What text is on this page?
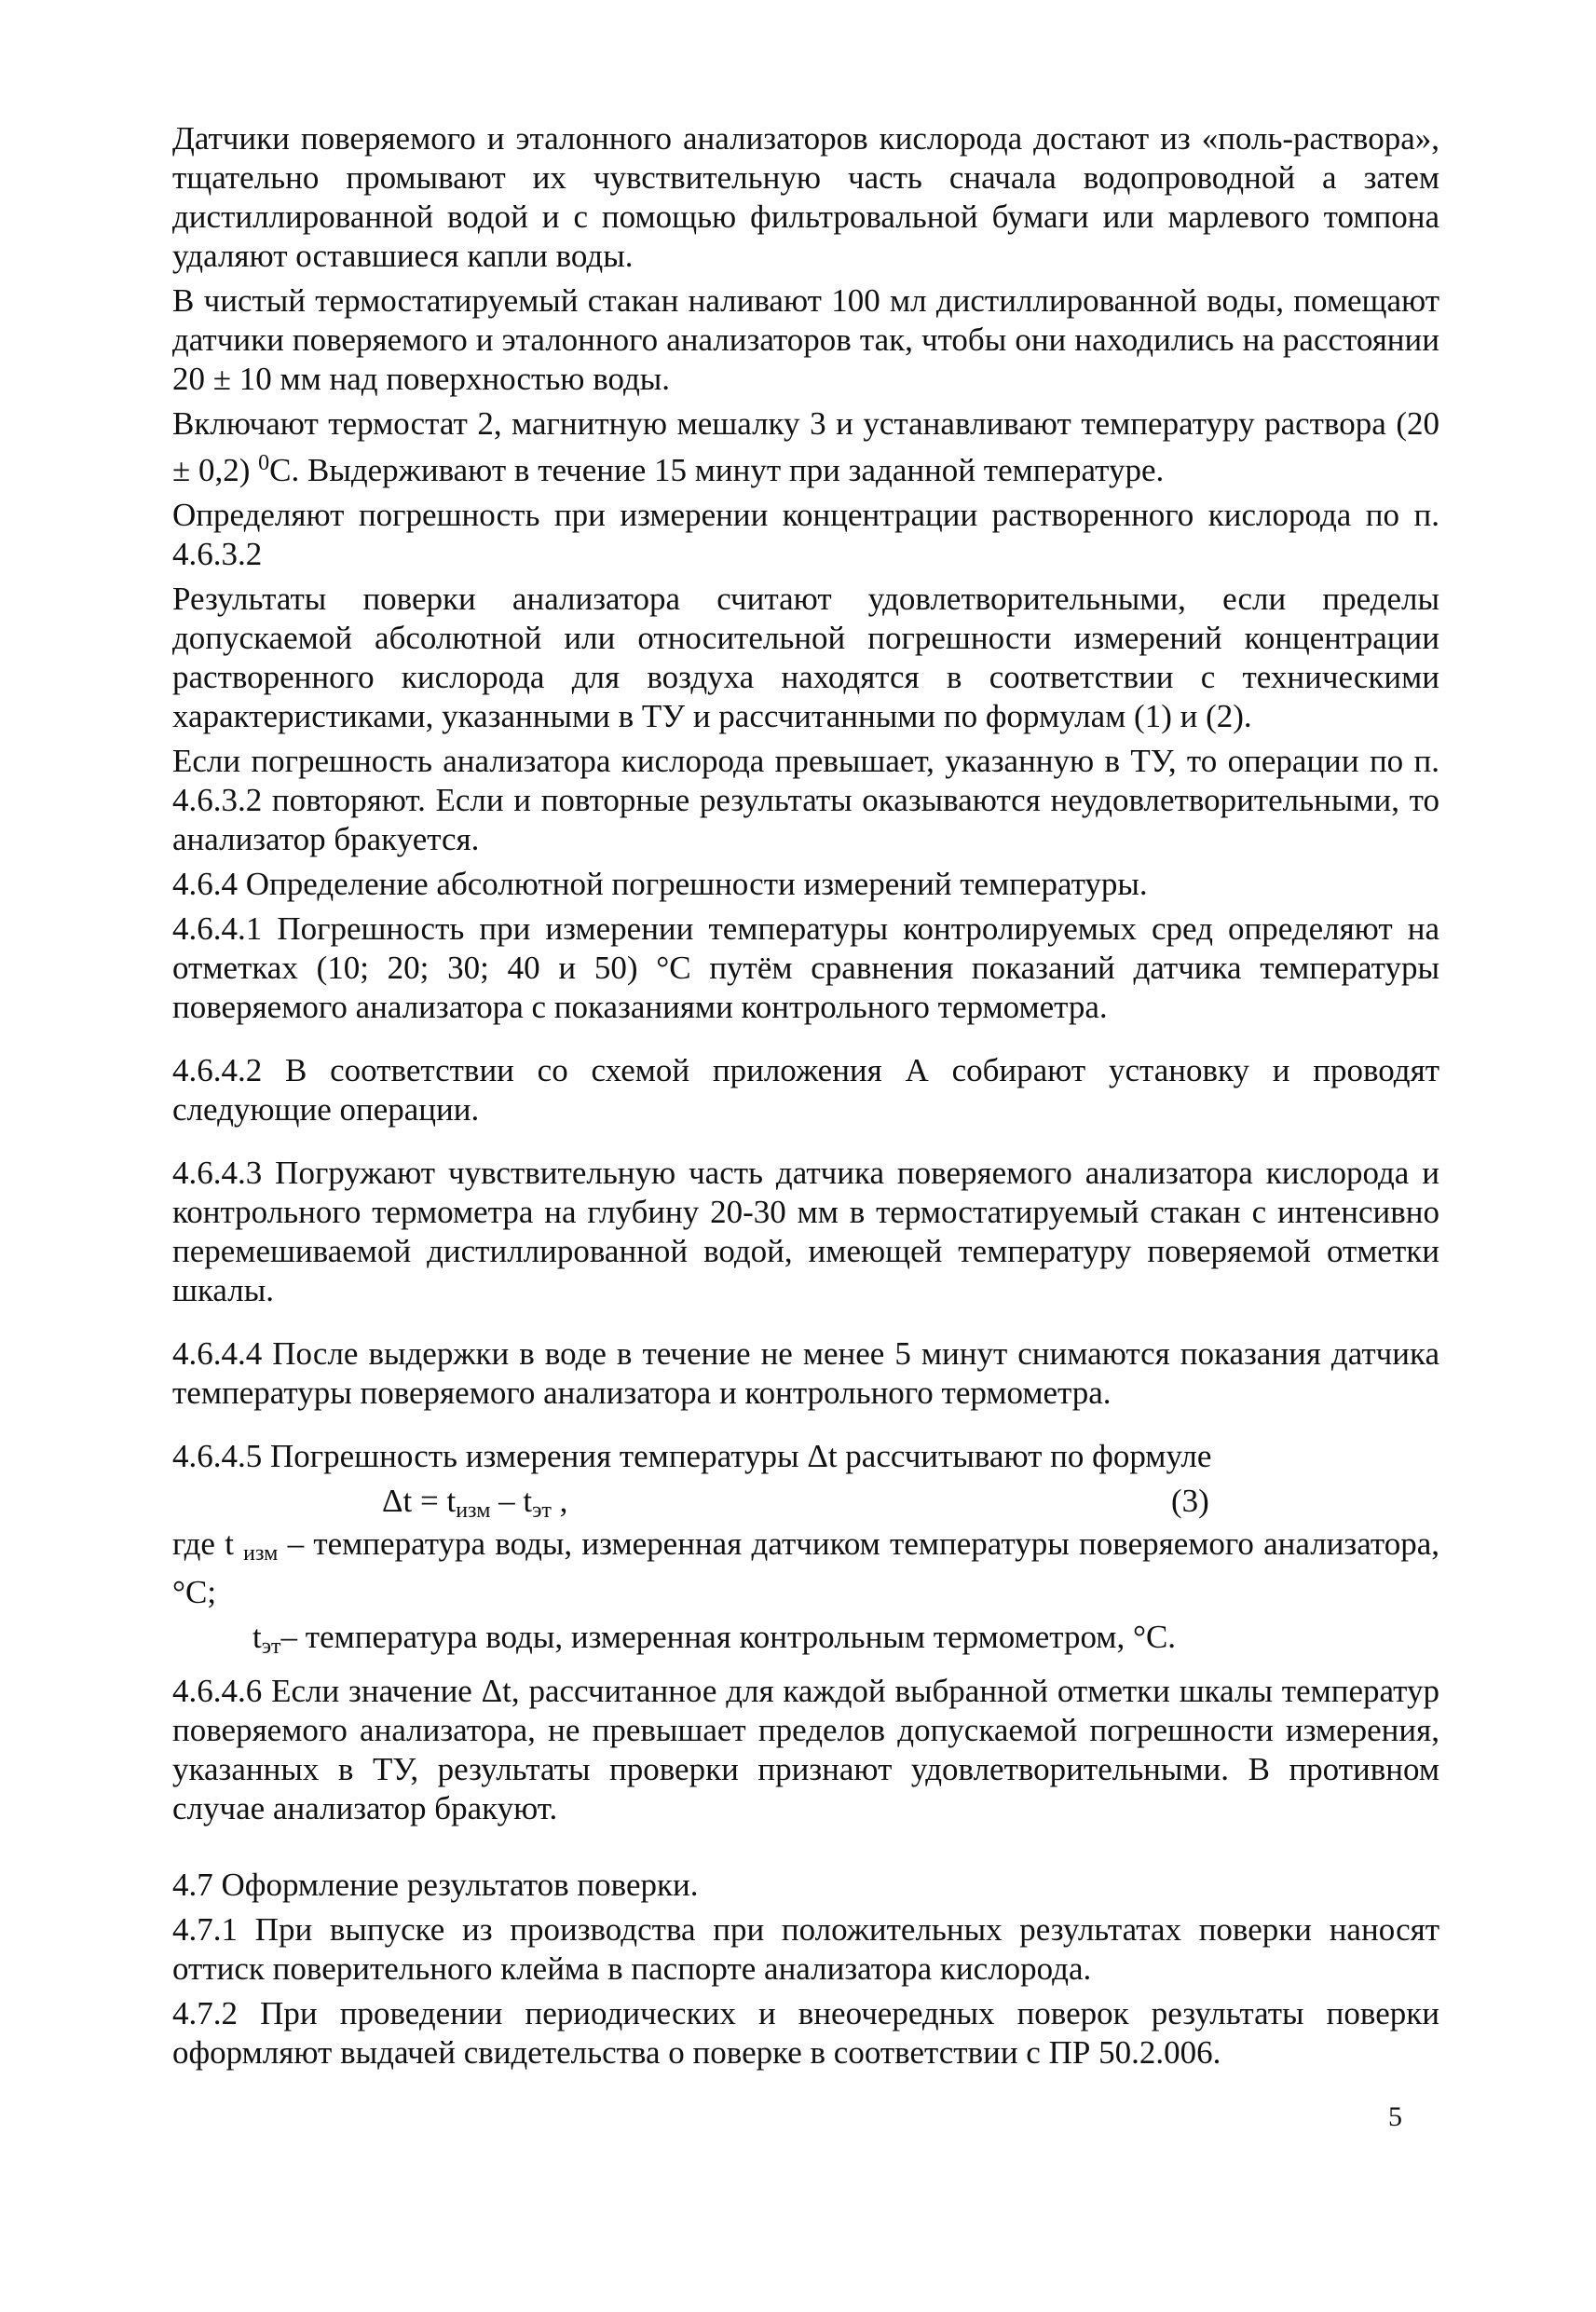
Датчики поверяемого и эталонного анализаторов кислорода достают из «поль-раствора», тщательно промывают их чувствительную часть сначала водопроводной а затем дистиллированной водой и с помощью фильтровальной бумаги или марлевого томпона удаляют оставшиеся капли воды.

В чистый термостатируемый стакан наливают 100 мл дистиллированной воды, помещают датчики поверяемого и эталонного анализаторов так, чтобы они находились на расстоянии 20 ± 10 мм над поверхностью воды.

Включают термостат 2, магнитную мешалку 3 и устанавливают температуру раствора (20 ± 0,2) $^0$С. Выдерживают в течение 15 минут при заданной температуре.

Определяют погрешность при измерении концентрации растворенного кислорода по п. 4.6.3.2

Результаты поверки анализатора считают удовлетворительными, если пределы допускаемой абсолютной или относительной погрешности измерений концентрации растворенного кислорода для воздуха находятся в соответствии с техническими характеристиками, указанными в ТУ и рассчитанными по формулам (1) и (2).

Если погрешность анализатора кислорода превышает, указанную в ТУ, то операции по п. 4.6.3.2 повторяют. Если и повторные результаты оказываются неудовлетворительными, то анализатор бракуется.

4.6.4 Определение абсолютной погрешности измерений температуры.

4.6.4.1 Погрешность при измерении температуры контролируемых сред определяют на отметках (10; 20; 30; 40 и 50) °С путём сравнения показаний датчика температуры поверяемого анализатора с показаниями контрольного термометра.

4.6.4.2 В соответствии со схемой приложения А собирают установку и проводят следующие операции.

4.6.4.3 Погружают чувствительную часть датчика поверяемого анализатора кислорода и контрольного термометра на глубину 20-30 мм в термостатируемый стакан с интенсивно перемешиваемой дистиллированной водой, имеющей температуру поверяемой отметки шкалы.

4.6.4.4 После выдержки в воде в течение не менее 5 минут снимаются показания датчика температуры поверяемого анализатора и контрольного термометра.

4.6.4.5 Погрешность измерения температуры Δt рассчитывают по формуле

$\Delta t = t_{изм} - t_{эт}$ ,	(3)

где t $_{изм}$ – температура воды, измеренная датчиком температуры поверяемого анализатора, °С;

$t_{эт}-$ температура воды, измеренная контрольным термометром, °С.

4.6.4.6 Если значение Δt, рассчитанное для каждой выбранной отметки шкалы температур поверяемого анализатора, не превышает пределов допускаемой погрешности измерения, указанных в ТУ, результаты проверки признают удовлетворительными. В противном случае анализатор бракуют.

4.7 Оформление результатов поверки.

4.7.1 При выпуске из производства при положительных результатах поверки наносят оттиск поверительного клейма в паспорте анализатора кислорода.

4.7.2 При проведении периодических и внеочередных поверок результаты поверки оформляют выдачей свидетельства о поверке в соответствии с ПР 50.2.006.

5
